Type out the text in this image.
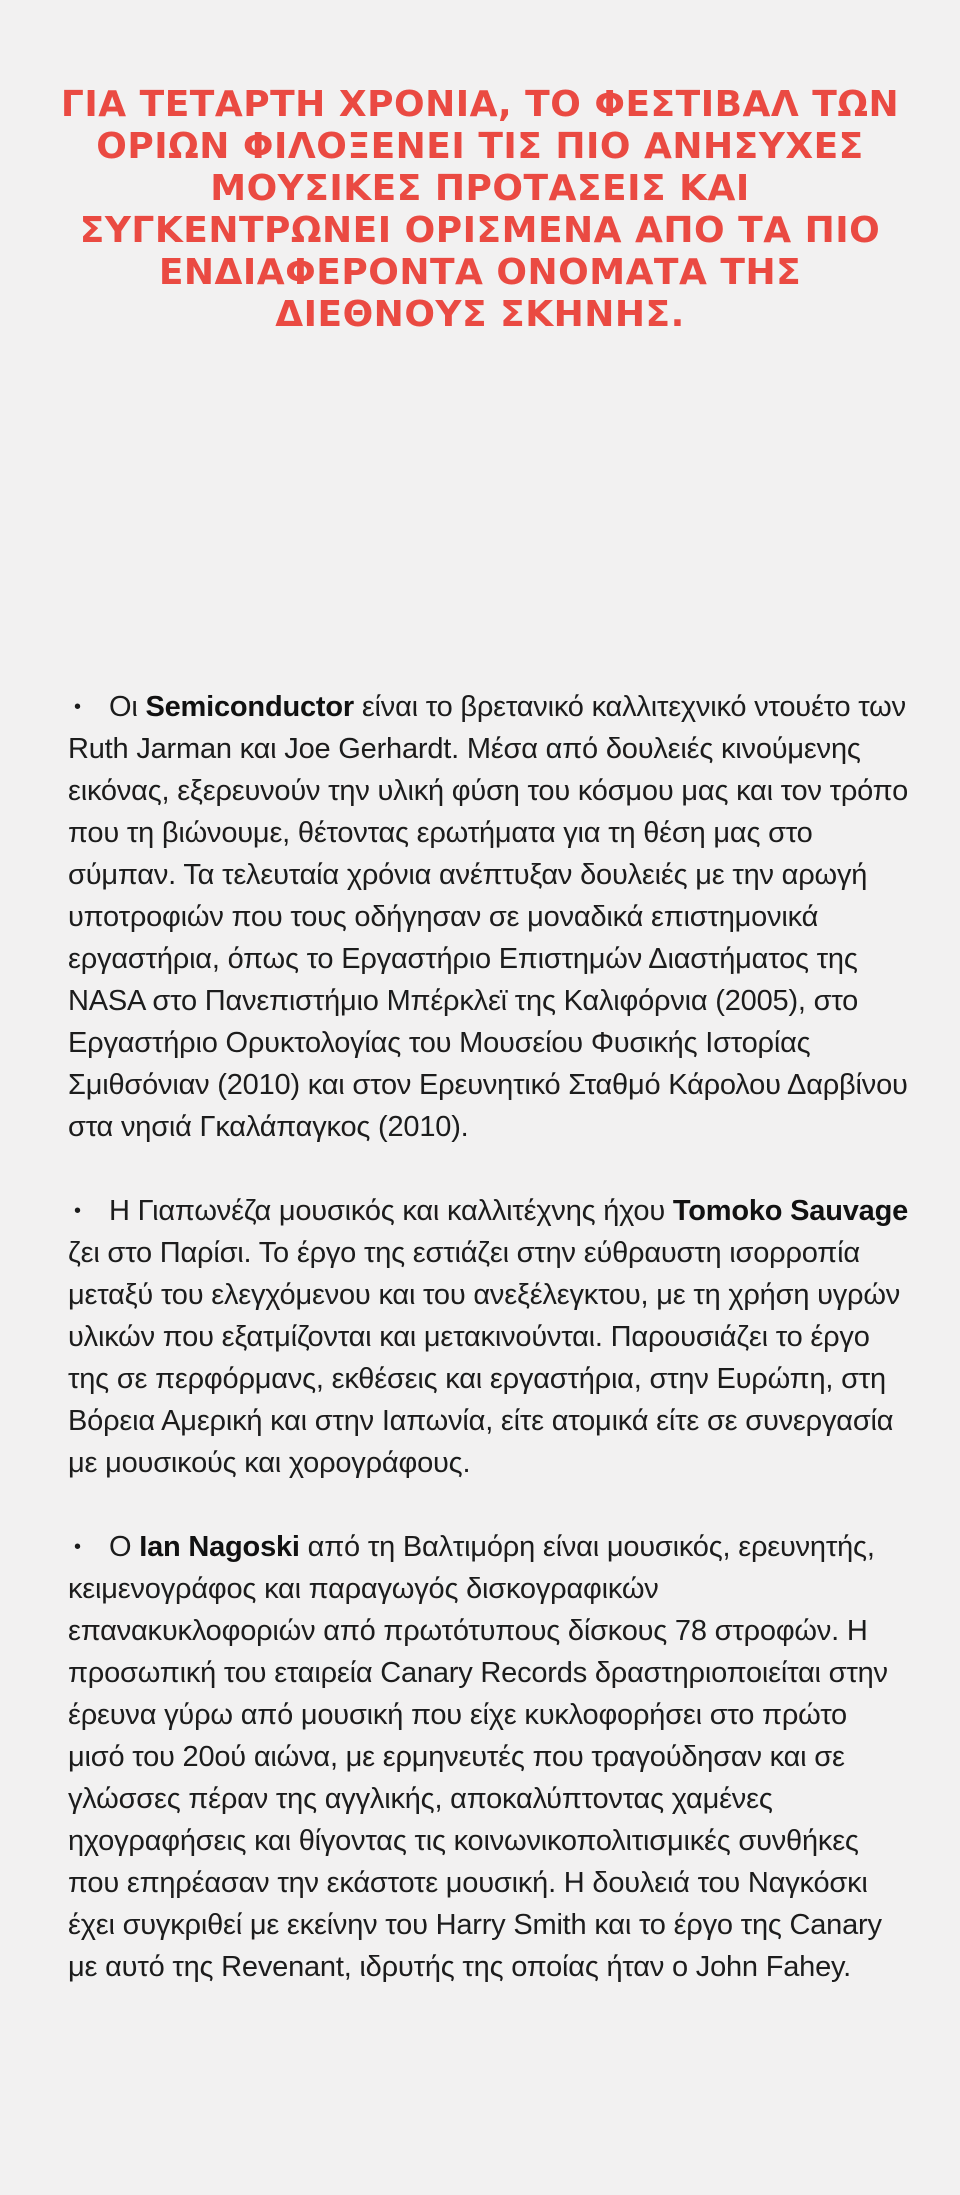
ΓΙΑ ΤΕΤΑΡΤΗ ΧΡΟΝΙΑ, ΤΟ ΦΕΣΤΙΒΑΛ ΤΩΝ ΟΡΙΩΝ ΦΙΛΟΞΕΝΕΙ ΤΙΣ ΠΙΟ ΑΝΗΣΥΧΕΣ ΜΟΥΣΙΚΕΣ ΠΡΟΤΑΣΕΙΣ ΚΑΙ ΣΥΓΚΕΝΤΡΩΝΕΙ ΟΡΙΣΜΕΝΑ ΑΠΟ ΤΑ ΠΙΟ ΕΝΔΙΑΦΕΡΟΝΤΑ ΟΝΟΜΑΤΑ ΤΗΣ ΔΙΕΘΝΟΥΣ ΣΚΗΝΗΣ.
• Οι Semiconductor είναι το βρετανικό καλλιτεχνικό ντουέτο των Ruth Jarman και Joe Gerhardt. Μέσα από δουλειές κινούμενης εικόνας, εξερευνούν την υλική φύση του κόσμου μας και τον τρόπο που τη βιώνουμε, θέτοντας ερωτήματα για τη θέση μας στο σύμπαν. Τα τελευταία χρόνια ανέπτυξαν δουλειές με την αρωγή υποτροφιών που τους οδήγησαν σε μοναδικά επιστημονικά εργαστήρια, όπως το Εργαστήριο Επιστημών Διαστήματος της NASA στο Πανεπιστήμιο Μπέρκλεϊ της Καλιφόρνια (2005), στο Εργαστήριο Ορυκτολογίας του Μουσείου Φυσικής Ιστορίας Σμιθσόνιαν (2010) και στον Ερευνητικό Σταθμό Κάρολου Δαρβίνου στα νησιά Γκαλάπαγκος (2010).
• Η Γιαπωνέζα μουσικός και καλλιτέχνης ήχου Tomoko Sauvage ζει στο Παρίσι. Το έργο της εστιάζει στην εύθραυστη ισορροπία μεταξύ του ελεγχόμενου και του ανεξέλεγκτου, με τη χρήση υγρών υλικών που εξατμίζονται και μετακινούνται. Παρουσιάζει το έργο της σε περφόρμανς, εκθέσεις και εργαστήρια, στην Ευρώπη, στη Βόρεια Αμερική και στην Ιαπωνία, είτε ατομικά είτε σε συνεργασία με μουσικούς και χορογράφους.
• Ο Ian Nagoski από τη Βαλτιμόρη είναι μουσικός, ερευνητής, κειμενογράφος και παραγωγός δισκογραφικών επανακυκλοφοριών από πρωτότυπους δίσκους 78 στροφών. Η προσωπική του εταιρεία Canary Records δραστηριοποιείται στην έρευνα γύρω από μουσική που είχε κυκλοφορήσει στο πρώτο μισό του 20ού αιώνα, με ερμηνευτές που τραγούδησαν και σε γλώσσες πέραν της αγγλικής, αποκαλύπτοντας χαμένες ηχογραφήσεις και θίγοντας τις κοινωνικοπολιτισμικές συνθήκες που επηρέασαν την εκάστοτε μουσική. Η δουλειά του Ναγκόσκι έχει συγκριθεί με εκείνην του Harry Smith και το έργο της Canary με αυτό της Revenant, ιδρυτής της οποίας ήταν ο John Fahey.
